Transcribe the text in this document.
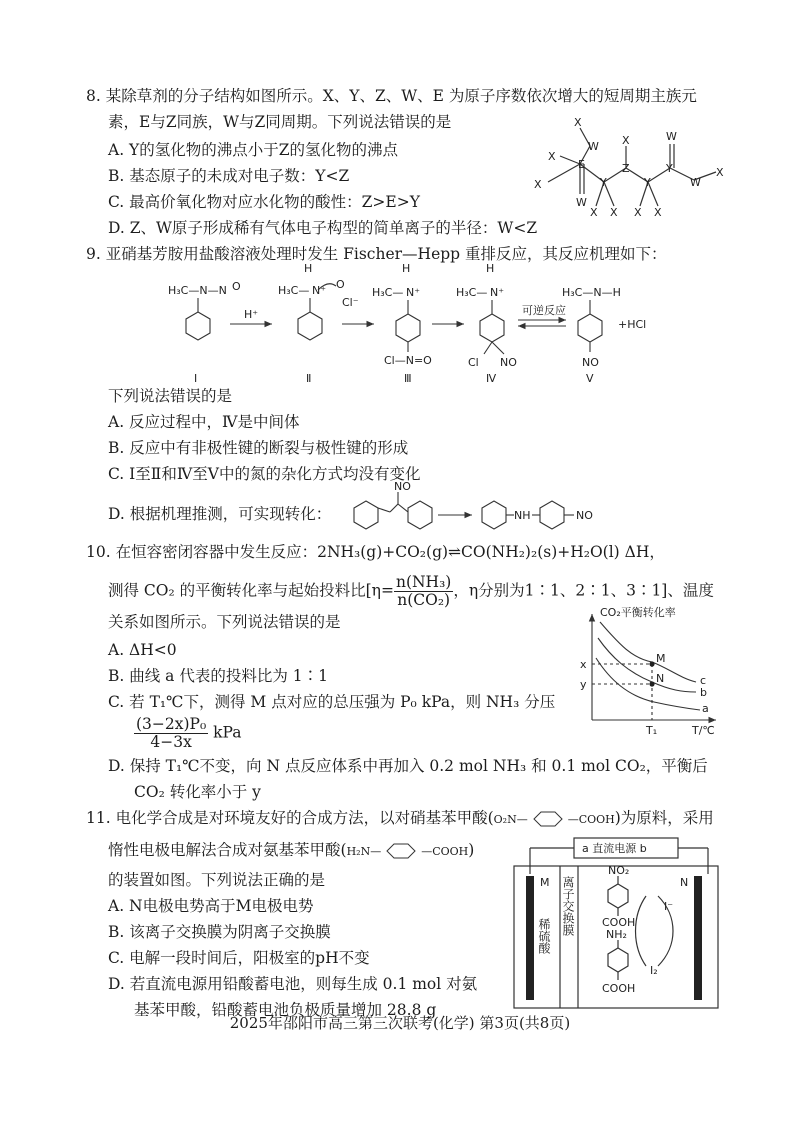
8. 某除草剂的分子结构如图所示。X、Y、Z、W、E 为原子序数依次增大的短周期主族元
素，E与Z同族，W与Z同周期。下列说法错误的是
A. Y的氢化物的沸点小于Z的氢化物的沸点
B. 基态原子的未成对电子数：Y<Z
C. 最高价氧化物对应水化物的酸性：Z>E>Y
D. Z、W原子形成稀有气体电子构型的简单离子的半径：W<Z
X
W
X
X
E
W
Y
Z
X
X X
Y
X X
W
Y
W
X
9. 亚硝基芳胺用盐酸溶液处理时发生 Fischer—Hepp 重排反应，其反应机理如下：
H₃C—N—N O
H
H₃C— N⁺ O
Cl⁻
H
H₃C— N⁺
Cl—N=O
H
H₃C— N⁺
Cl NO
可逆反应
H₃C—N—H
NO
+HCl
H⁺
Ⅰ	Ⅱ	Ⅲ	Ⅳ	Ⅴ
下列说法错误的是
A. 反应过程中，Ⅳ是中间体
B. 反应中有非极性键的断裂与极性键的形成
C. Ⅰ至Ⅱ和Ⅳ至Ⅴ中的氮的杂化方式均没有变化
D. 根据机理推测，可实现转化：
NO
NH	NO
10. 在恒容密闭容器中发生反应：2NH₃(g)+CO₂(g)⇌CO(NH₂)₂(s)+H₂O(l) ΔH，
测得 CO₂ 的平衡转化率与起始投料比[$\eta= \frac{\text{n(NH₃)}}{\text{n(CO₂)}}$ ，η分别为1∶1、2∶1、3∶1]、温度
关系如图所示。下列说法错误的是
A. ΔH<0
B. 曲线 a 代表的投料比为 1∶1
C. 若 T₁℃下，测得 M 点对应的总压强为 P₀ kPa，则 NH₃ 分压
$\frac{\text{(3−2x)P₀}}{4-3x}$ kPa
D. 保持 T₁℃不变，向 N 点反应体系中再加入 0.2 mol NH₃ 和 0.1 mol CO₂，平衡后
CO₂ 转化率小于 y
CO₂平衡转化率
x
y
M
N	c
b
a
T₁	T/℃
11. 电化学合成是对环境友好的合成方法，以对硝基苯甲酸(O₂N—	—COOH)为原料，采用
惰性电极电解法合成对氨基苯甲酸(H₂N—	—COOH)
的装置如图。下列说法正确的是
A. N电极电势高于M电极电势
B. 该离子交换膜为阴离子交换膜
C. 电解一段时间后，阳极室的pH不变
D. 若直流电源用铅酸蓄电池，则每生成 0.1 mol 对氨
基苯甲酸，铅酸蓄电池负极质量增加 28.8 g
a 直流电源 b
M	N
NO₂
COOH
NH₂
COOH
I⁻
I₂
稀硫酸 离子交换膜
2025年邵阳市高三第三次联考(化学) 第3页(共8页)
